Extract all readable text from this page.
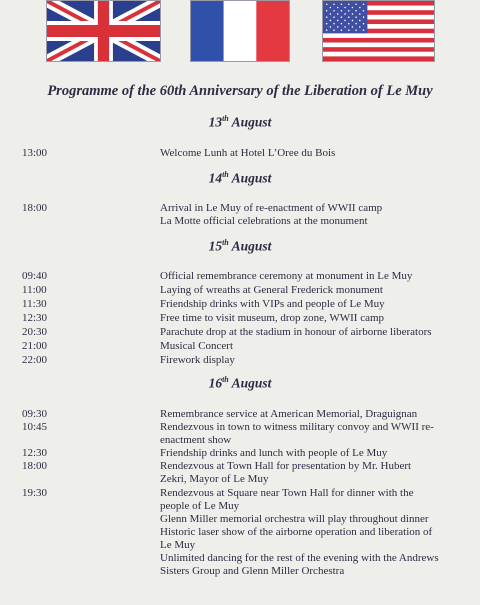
Programme of the 60th Anniversary of the Liberation of Le Muy
13th August
14th August
15th August
16th August
13:00	Welcome Lunh at Hotel L’Oree du Bois
18:00	Arrival in Le Muy of re-enactment of WWII camp
La Motte official celebrations at the monument
09:40	Official remembrance ceremony at monument in Le Muy
11:00	Laying of wreaths at General Frederick monument
11:30	Friendship drinks with VIPs and people of Le Muy
12:30	Free time to visit museum, drop zone, WWII camp
20:30	Parachute drop at the stadium in honour of airborne liberators
21:00	Musical Concert
22:00	Firework display
09:30	Remembrance service at American Memorial, Draguignan
10:45	Rendezvous in town to witness military convoy and WWII re-
enactment show
12:30	Friendship drinks and lunch with people of Le Muy
18:00	Rendezvous at Town Hall for presentation by Mr. Hubert
Zekri, Mayor of Le Muy
19:30	Rendezvous at Square near Town Hall for dinner with the
people of Le Muy
Glenn Miller memorial orchestra will play throughout dinner
Historic laser show of the airborne operation and liberation of
Le Muy
Unlimited dancing for the rest of the evening with the Andrews
Sisters Group and Glenn Miller Orchestra
